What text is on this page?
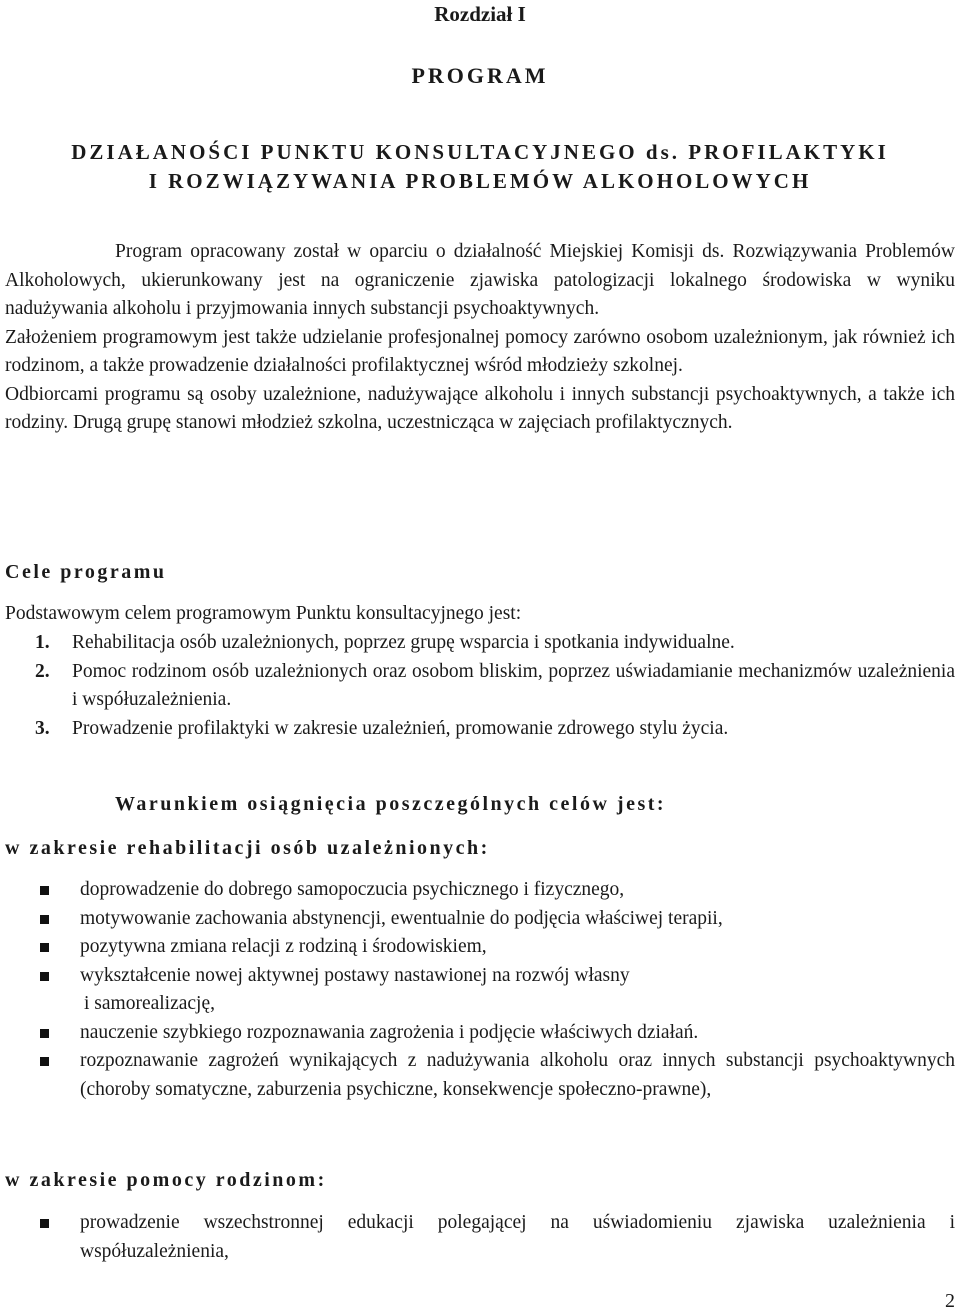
Rozdział I
PROGRAM
DZIAŁANOŚCI PUNKTU KONSULTACYJNEGO ds. PROFILAKTYKI
I ROZWIĄZYWANIA PROBLEMÓW ALKOHOLOWYCH

Program opracowany został w oparciu o działalność Miejskiej Komisji ds. Rozwiązywania Problemów Alkoholowych, ukierunkowany jest na ograniczenie zjawiska patologizacji lokalnego środowiska w wyniku nadużywania alkoholu i przyjmowania innych substancji psychoaktywnych.

Założeniem programowym jest także udzielanie profesjonalnej pomocy zarówno osobom uzależnionym, jak również ich rodzinom, a także prowadzenie działalności profilaktycznej wśród młodzieży szkolnej.

Odbiorcami programu są osoby uzależnione, nadużywające alkoholu i innych substancji psychoaktywnych, a także ich rodziny. Drugą grupę stanowi młodzież szkolna, uczestnicząca w zajęciach profilaktycznych.

Cele programu
Podstawowym celem programowym Punktu konsultacyjnego jest:
1. Rehabilitacja osób uzależnionych, poprzez grupę wsparcia i spotkania indywidualne.
2. Pomoc rodzinom osób uzależnionych oraz osobom bliskim, poprzez uświadamianie mechanizmów uzależnienia i współuzależnienia.
3. Prowadzenie profilaktyki w zakresie uzależnień, promowanie zdrowego stylu życia.
Warunkiem osiągnięcia poszczególnych celów jest:
w zakresie rehabilitacji osób uzależnionych:
doprowadzenie do dobrego samopoczucia psychicznego i fizycznego,
motywowanie zachowania abstynencji, ewentualnie do podjęcia właściwej terapii,
pozytywna zmiana relacji z rodziną i środowiskiem,
wykształcenie nowej aktywnej postawy nastawionej na rozwój własny
i samorealizację,
nauczenie szybkiego rozpoznawania zagrożenia i podjęcie właściwych działań.
rozpoznawanie zagrożeń wynikających z nadużywania alkoholu oraz innych substancji psychoaktywnych (choroby somatyczne, zaburzenia psychiczne, konsekwencje społeczno-prawne),
w zakresie pomocy rodzinom:
prowadzenie wszechstronnej edukacji polegającej na uświadomieniu zjawiska uzależnienia i współuzależnienia,
2
